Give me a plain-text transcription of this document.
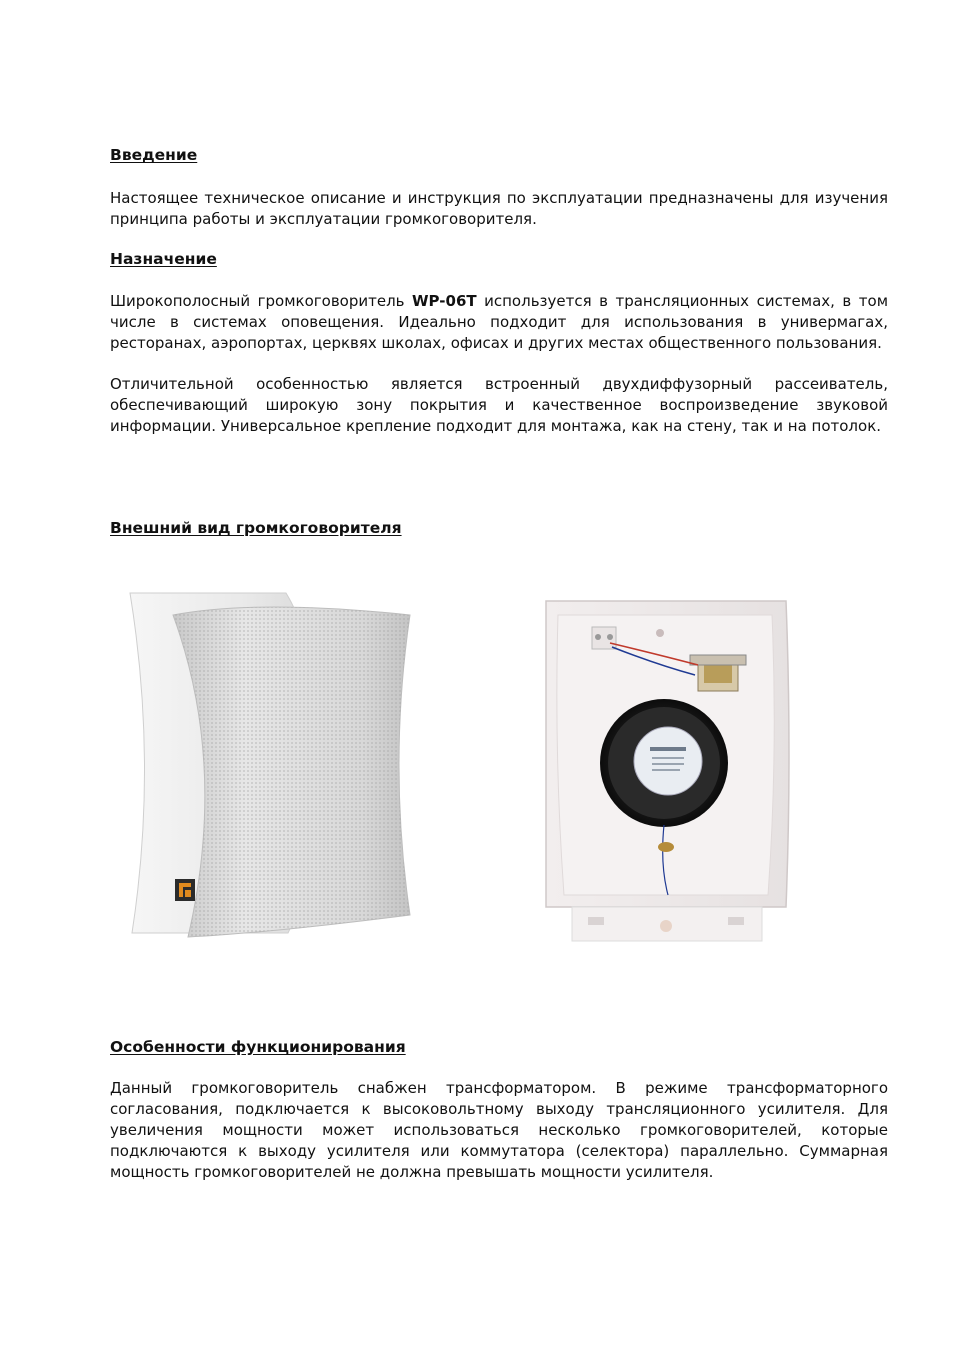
Введение

Настоящее техническое описание и инструкция по эксплуатации предназначены для изучения принципа работы и эксплуатации громкоговорителя.

Назначение

Широкополосный громкоговоритель WP-06T используется в трансляционных системах, в том числе в системах оповещения. Идеально подходит для использования в универмагах, ресторанах, аэропортах, церквях школах, офисах и других местах общественного пользования.

Отличительной особенностью является встроенный двухдиффузорный рассеиватель, обеспечивающий широкую зону покрытия и качественное воспроизведение звуковой информации. Универсальное крепление подходит для монтажа, как на стену, так и на потолок.

Внешний вид громкоговорителя
Особенности функционирования

Данный громкоговоритель снабжен трансформатором. В режиме трансформаторного согласования, подключается к высоковольтному выходу трансляционного усилителя. Для увеличения мощности может использоваться несколько громкоговорителей, которые подключаются к выходу усилителя или коммутатора (селектора) параллельно. Суммарная мощность громкоговорителей не должна превышать мощности усилителя.
